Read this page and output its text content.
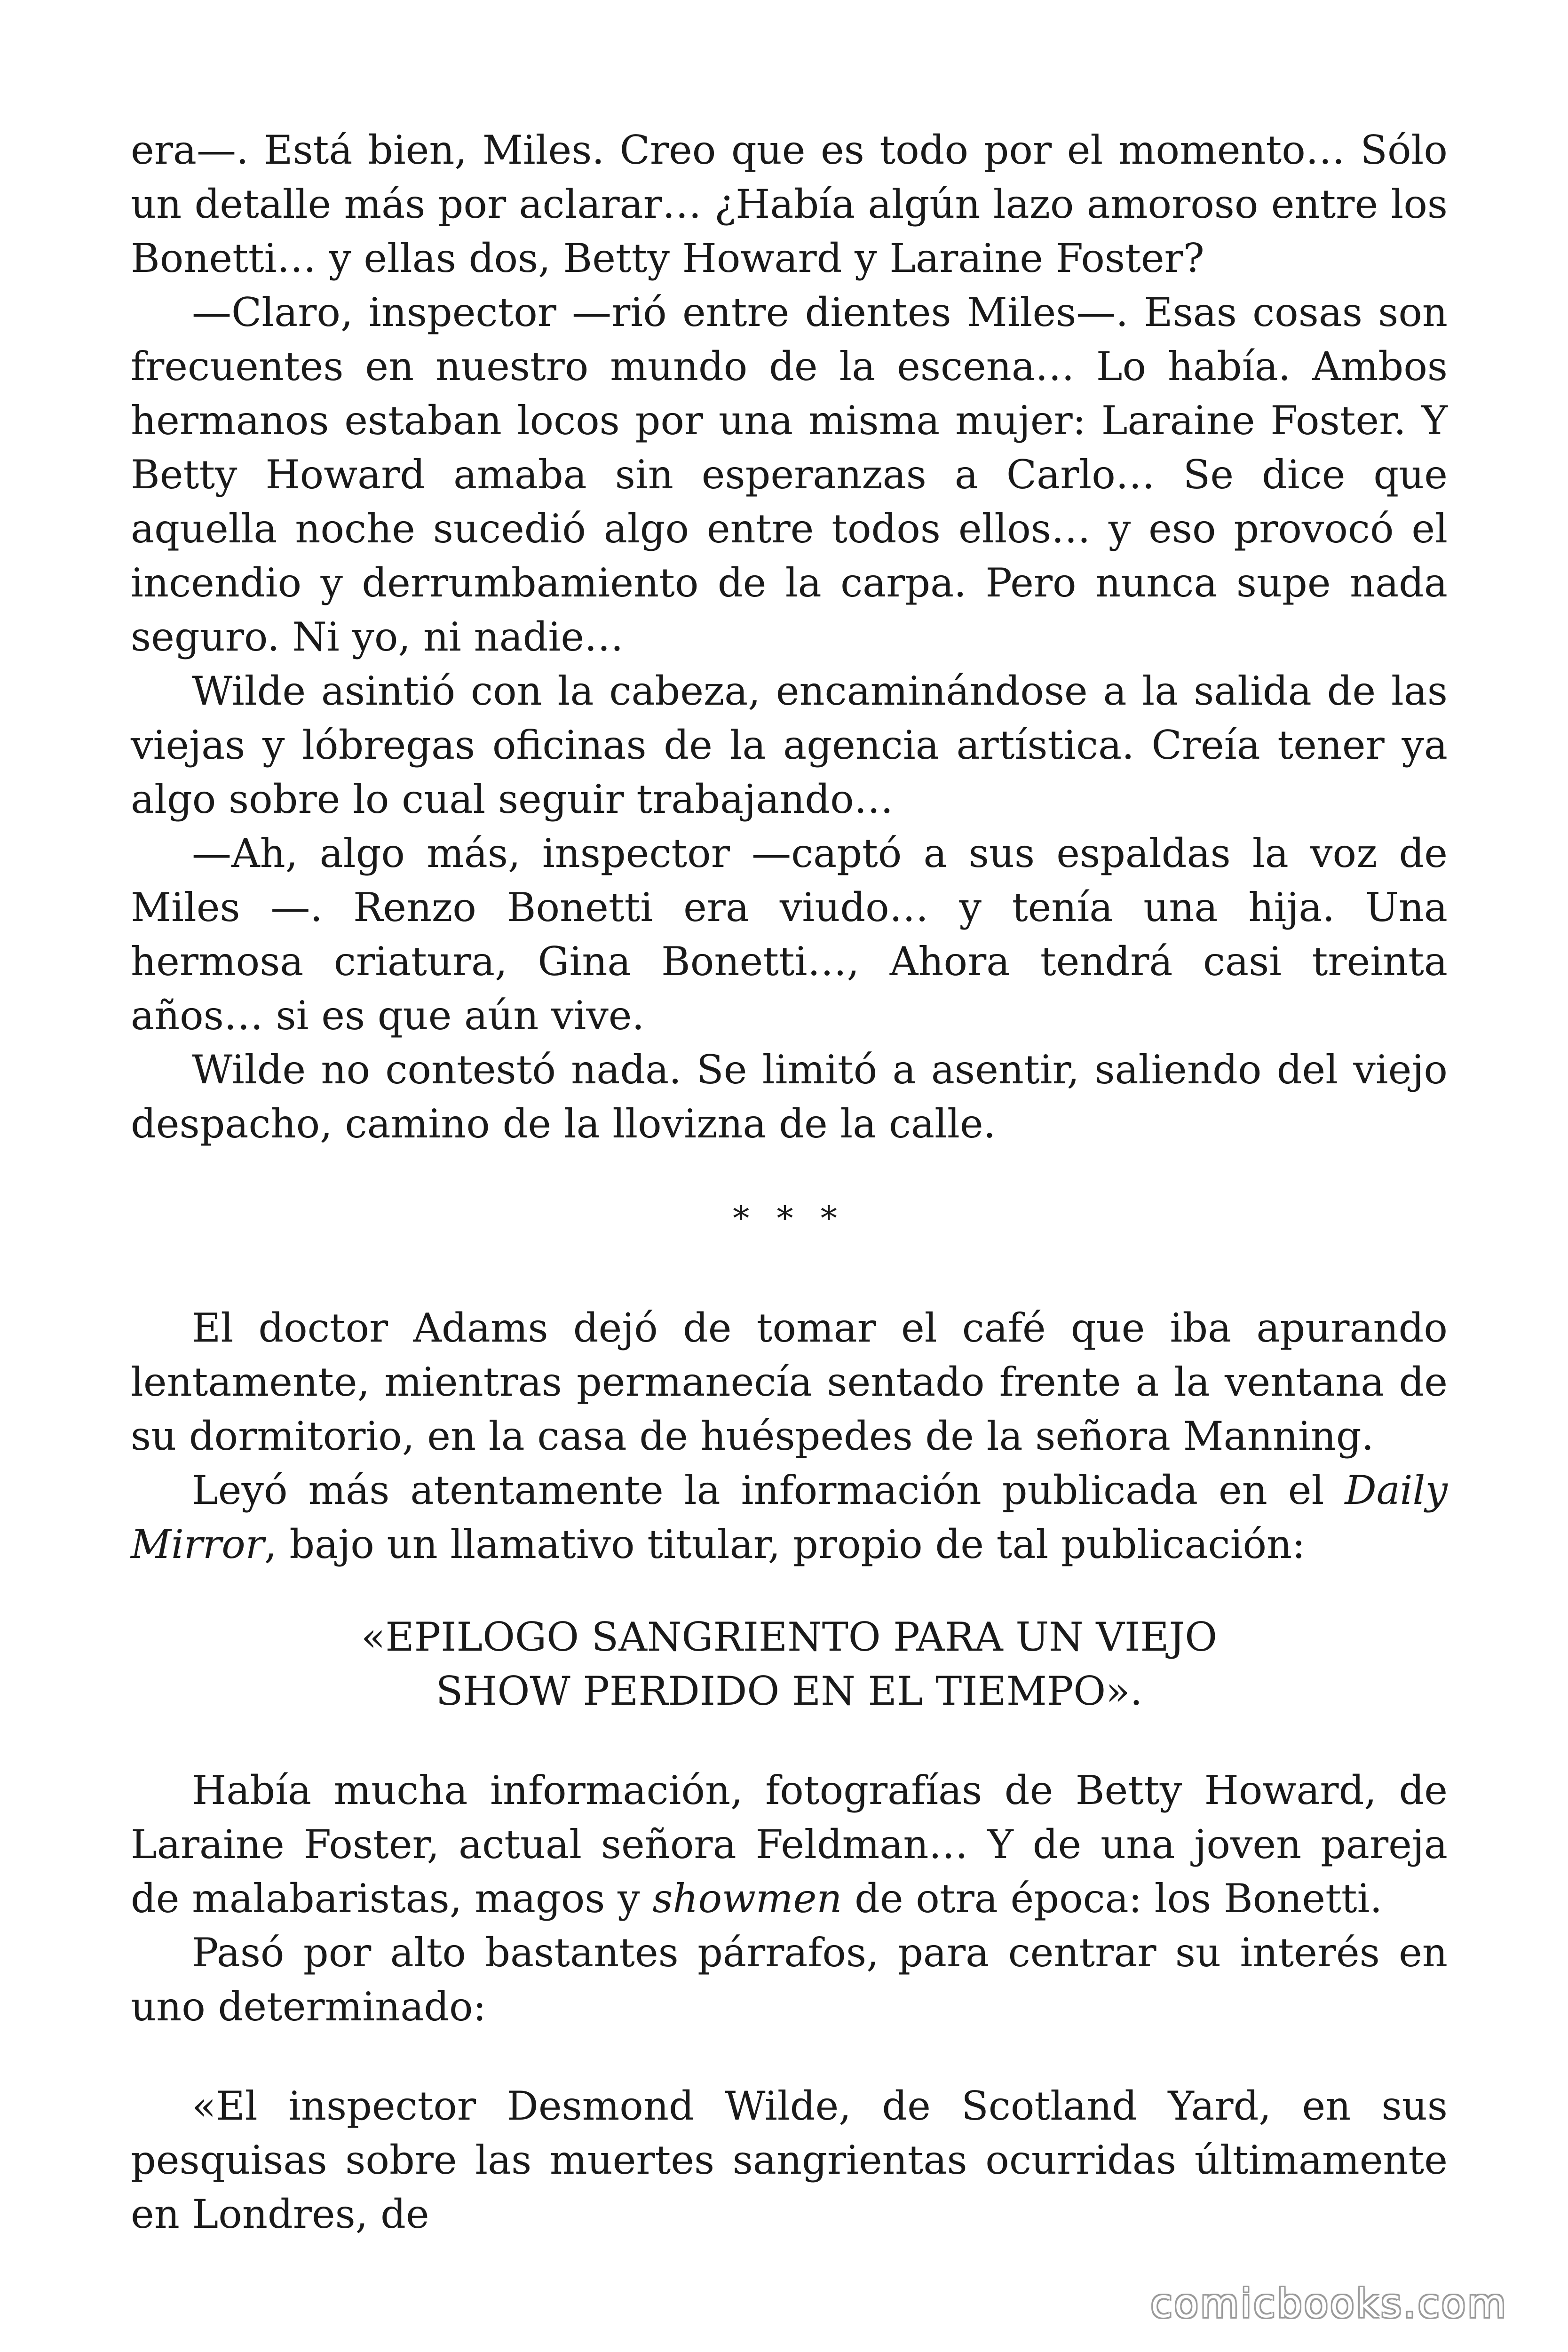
era—. Está bien, Miles. Creo que es todo por el momento… Sólo un detalle más por aclarar… ¿Había algún lazo amoroso entre los Bonetti… y ellas dos, Betty Howard y Laraine Foster?

—Claro, inspector —rió entre dientes Miles—. Esas cosas son frecuentes en nuestro mundo de la escena… Lo había. Ambos hermanos estaban locos por una misma mujer: Laraine Foster. Y Betty Howard amaba sin esperanzas a Carlo… Se dice que aquella noche sucedió algo entre todos ellos… y eso provocó el incendio y derrumbamiento de la carpa. Pero nunca supe nada seguro. Ni yo, ni nadie…

Wilde asintió con la cabeza, encaminándose a la salida de las viejas y lóbregas oficinas de la agencia artística. Creía tener ya algo sobre lo cual seguir trabajando…

—Ah, algo más, inspector —captó a sus espaldas la voz de Miles —. Renzo Bonetti era viudo… y tenía una hija. Una hermosa criatura, Gina Bonetti…, Ahora tendrá casi treinta años… si es que aún vive.

Wilde no contestó nada. Se limitó a asentir, saliendo del viejo despacho, camino de la llovizna de la calle.

* * *

El doctor Adams dejó de tomar el café que iba apurando lentamente, mientras permanecía sentado frente a la ventana de su dormitorio, en la casa de huéspedes de la señora Manning.

Leyó más atentamente la información publicada en el Daily Mirror, bajo un llamativo titular, propio de tal publicación:

«EPILOGO SANGRIENTO PARA UN VIEJO
SHOW PERDIDO EN EL TIEMPO».

Había mucha información, fotografías de Betty Howard, de Laraine Foster, actual señora Feldman… Y de una joven pareja de malabaristas, magos y showmen de otra época: los Bonetti.

Pasó por alto bastantes párrafos, para centrar su interés en uno determinado:

«El inspector Desmond Wilde, de Scotland Yard, en sus pesquisas sobre las muertes sangrientas ocurridas últimamente en Londres, de

comicbooks.com
